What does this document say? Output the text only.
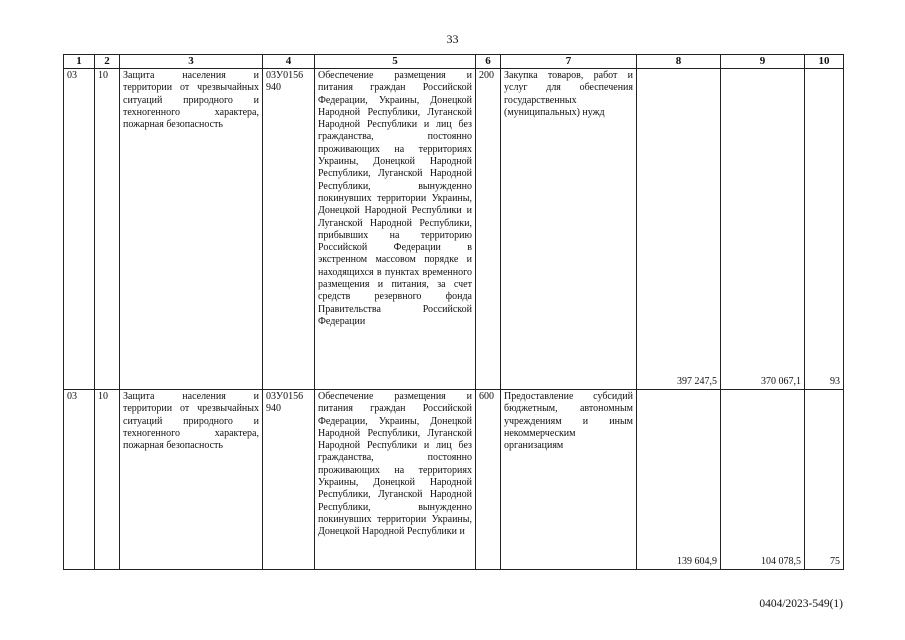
33
1	2	3	4	5	6	7	8	9	10
03	10	Защита населения и территории от чрезвычайных ситуаций природного и техногенного характера, пожарная безопасность	03У0156 940	Обеспечение размещения и питания граждан Российской Федерации, Украины, Донецкой Народной Республики, Луганской Народной Республики и лиц без гражданства, постоянно проживающих на территориях Украины, Донецкой Народной Республики, Луганской Народной Республики, вынужденно покинувших территории Украины, Донецкой Народной Республики и Луганской Народной Республики, прибывших на территорию Российской Федерации в экстренном массовом порядке и находящихся в пунктах временного размещения и питания, за счет средств резервного фонда Правительства Российской Федерации	200	Закупка товаров, работ и услуг для обеспечения государственных (муниципальных) нужд	397 247,5	370 067,1	93
03	10	Защита населения и территории от чрезвычайных ситуаций природного и техногенного характера, пожарная безопасность	03У0156 940	Обеспечение размещения и питания граждан Российской Федерации, Украины, Донецкой Народной Республики, Луганской Народной Республики и лиц без гражданства, постоянно проживающих на территориях Украины, Донецкой Народной Республики, Луганской Народной Республики, вынужденно покинувших территории Украины, Донецкой Народной Республики и	600	Предоставление субсидий бюджетным, автономным учреждениям и иным некоммерческим организациям	139 604,9	104 078,5	75
0404/2023-549(1)
